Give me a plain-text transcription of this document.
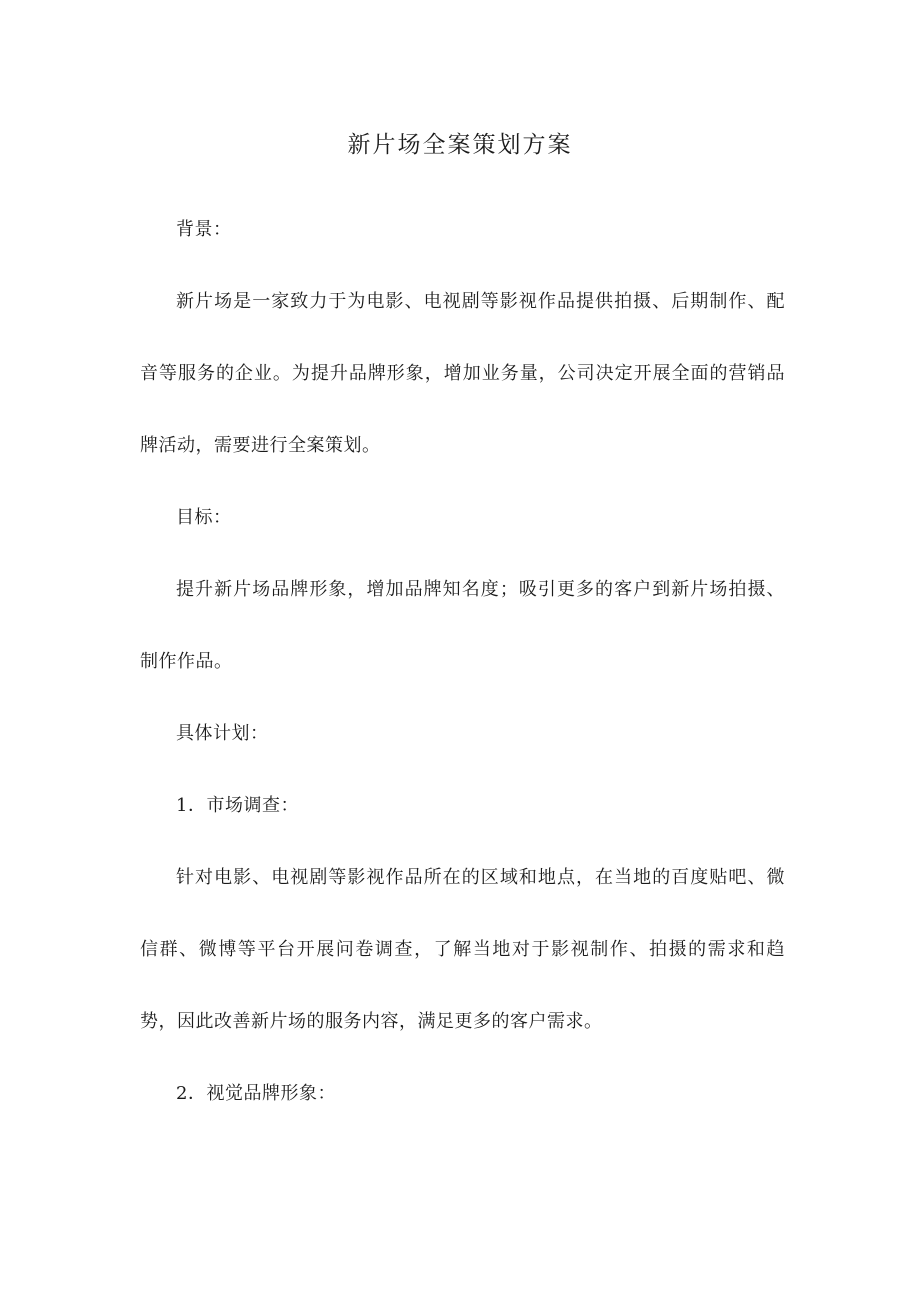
新片场全案策划方案

背景：

新片场是一家致力于为电影、电视剧等影视作品提供拍摄、后期制作、配音等服务的企业。为提升品牌形象，增加业务量，公司决定开展全面的营销品牌活动，需要进行全案策划。

目标：

提升新片场品牌形象，增加品牌知名度；吸引更多的客户到新片场拍摄、制作作品。

具体计划：

1．市场调查：

针对电影、电视剧等影视作品所在的区域和地点，在当地的百度贴吧、微信群、微博等平台开展问卷调查，了解当地对于影视制作、拍摄的需求和趋势，因此改善新片场的服务内容，满足更多的客户需求。

2．视觉品牌形象：
